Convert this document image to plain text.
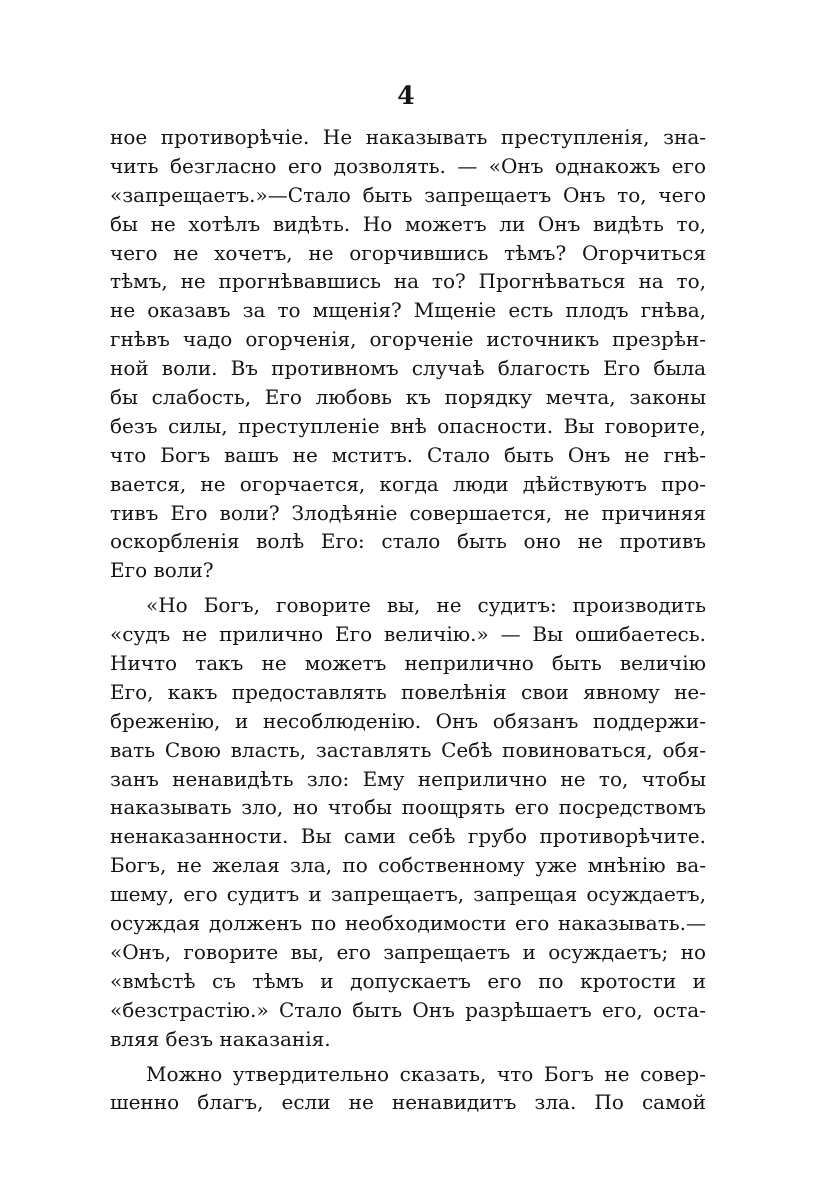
4
ное противорѣчіе. Не наказывать преступленія, зна-
чить безгласно его дозволять. — «Онъ однакожъ его
«запрещаетъ.»—Стало быть запрещаетъ Онъ то, чего
бы не хотѣлъ видѣть. Но можетъ ли Онъ видѣть то,
чего не хочетъ, не огорчившись тѣмъ? Огорчиться
тѣмъ, не прогнѣвавшись на то? Прогнѣваться на то,
не оказавъ за то мщенія? Мщеніе есть плодъ гнѣва,
гнѣвъ чадо огорченія, огорченіе источникъ презрѣн-
ной воли. Въ противномъ случаѣ благость Его была
бы слабость, Его любовь къ порядку мечта, законы
безъ силы, преступленіе внѣ опасности. Вы говорите,
что Богъ вашъ не мститъ. Стало быть Онъ не гнѣ-
вается, не огорчается, когда люди дѣйствуютъ про-
тивъ Его воли? Злодѣяніе совершается, не причиняя
оскорбленія волѣ Его: стало быть оно не противъ
Его воли?
«Но Богъ, говорите вы, не судитъ: производить
«судъ не прилично Его величію.» — Вы ошибаетесь.
Ничто такъ не можетъ неприлично быть величію
Его, какъ предоставлять повелѣнія свои явному не-
бреженію, и несоблюденію. Онъ обязанъ поддержи-
вать Свою власть, заставлять Себѣ повиноваться, обя-
занъ ненавидѣть зло: Ему неприлично не то, чтобы
наказывать зло, но чтобы поощрять его посредствомъ
ненаказанности. Вы сами себѣ грубо противорѣчите.
Богъ, не желая зла, по собственному уже мнѣнію ва-
шему, его судитъ и запрещаетъ, запрещая осуждаетъ,
осуждая долженъ по необходимости его наказывать.—
«Онъ, говорите вы, его запрещаетъ и осуждаетъ; но
«вмѣстѣ съ тѣмъ и допускаетъ его по кротости и
«безстрастію.» Стало быть Онъ разрѣшаетъ его, оста-
вляя безъ наказанія.
Можно утвердительно сказать, что Богъ не совер-
шенно благъ, если не ненавидитъ зла. По самой
